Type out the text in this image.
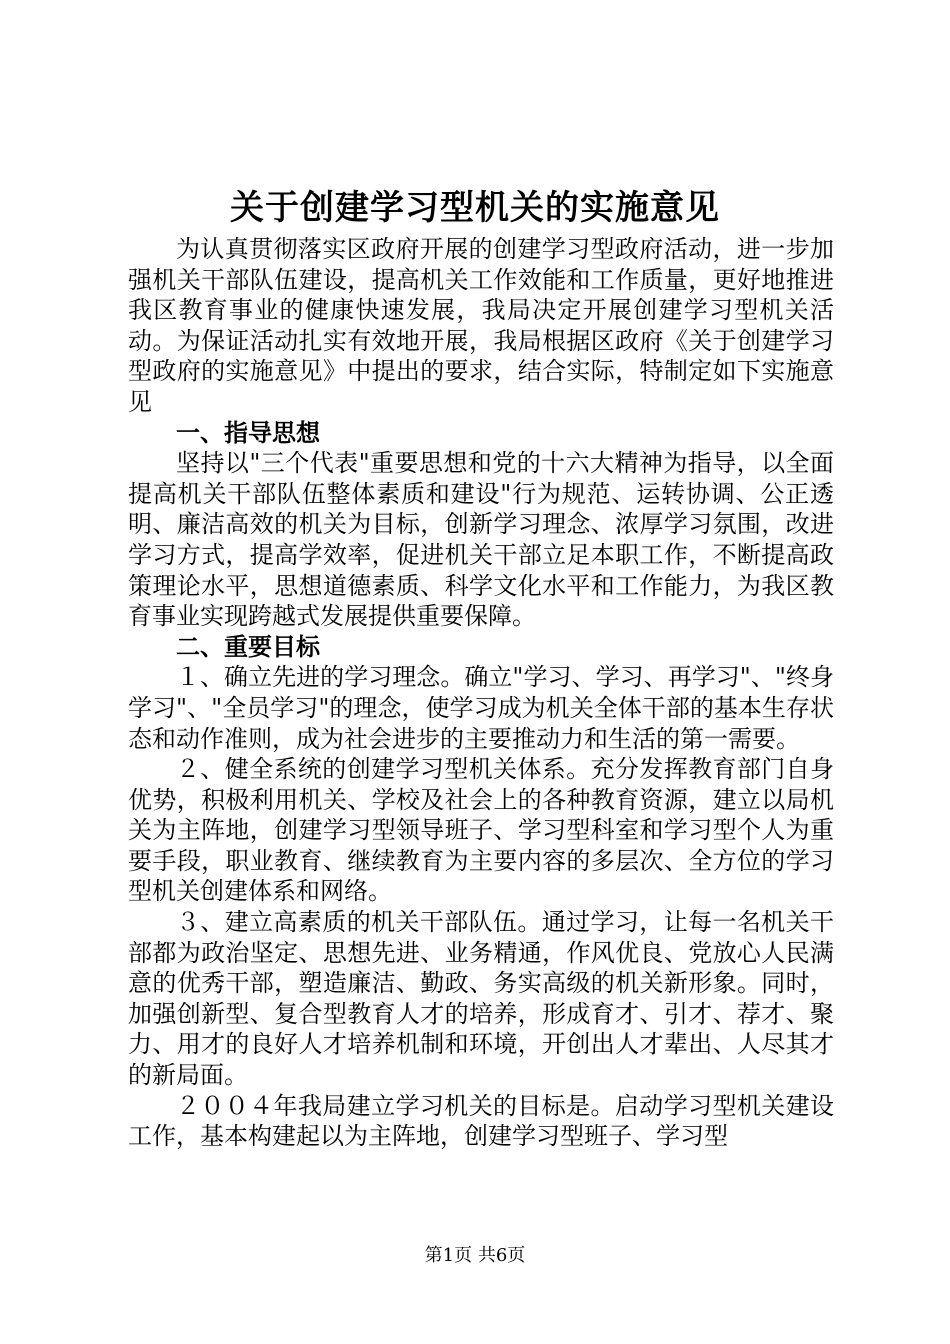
关于创建学习型机关的实施意见

为认真贯彻落实区政府开展的创建学习型政府活动，进一步加强机关干部队伍建设，提高机关工作效能和工作质量，更好地推进我区教育事业的健康快速发展，我局决定开展创建学习型机关活动。为保证活动扎实有效地开展，我局根据区政府《关于创建学习型政府的实施意见》中提出的要求，结合实际，特制定如下实施意见

一、指导思想

坚持以"三个代表"重要思想和党的十六大精神为指导，以全面提高机关干部队伍整体素质和建设"行为规范、运转协调、公正透明、廉洁高效的机关为目标，创新学习理念、浓厚学习氛围，改进学习方式，提高学效率，促进机关干部立足本职工作，不断提高政策理论水平，思想道德素质、科学文化水平和工作能力，为我区教育事业实现跨越式发展提供重要保障。

二、重要目标

１、确立先进的学习理念。确立"学习、学习、再学习"、"终身学习"、"全员学习"的理念，使学习成为机关全体干部的基本生存状态和动作准则，成为社会进步的主要推动力和生活的第一需要。

２、健全系统的创建学习型机关体系。充分发挥教育部门自身优势，积极利用机关、学校及社会上的各种教育资源，建立以局机关为主阵地，创建学习型领导班子、学习型科室和学习型个人为重要手段，职业教育、继续教育为主要内容的多层次、全方位的学习型机关创建体系和网络。

３、建立高素质的机关干部队伍。通过学习，让每一名机关干部都为政治坚定、思想先进、业务精通，作风优良、党放心人民满意的优秀干部，塑造廉洁、勤政、务实高级的机关新形象。同时，加强创新型、复合型教育人才的培养，形成育才、引才、荐才、聚力、用才的良好人才培养机制和环境，开创出人才辈出、人尽其才的新局面。

２００４年我局建立学习机关的目标是。启动学习型机关建设工作，基本构建起以为主阵地，创建学习型班子、学习型

第1页 共6页
